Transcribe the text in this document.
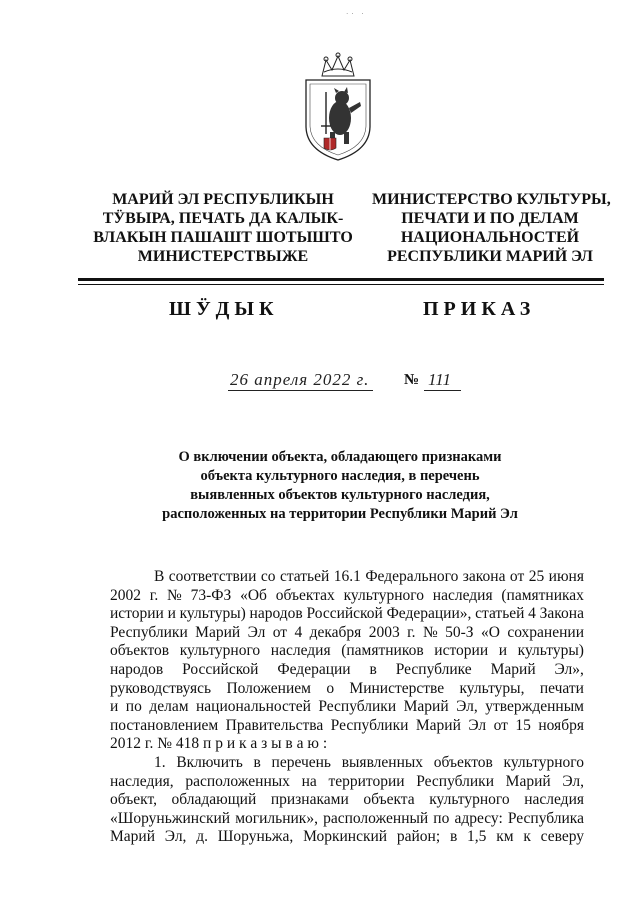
·· ·
МАРИЙ ЭЛ РЕСПУБЛИКЫН
ТӰВЫРА, ПЕЧАТЬ ДА КАЛЫК-
ВЛАКЫН ПАШАШТ ШОТЫШТО
МИНИСТЕРСТВЫЖЕ
МИНИСТЕРСТВО КУЛЬТУРЫ,
ПЕЧАТИ И ПО ДЕЛАМ
НАЦИОНАЛЬНОСТЕЙ
РЕСПУБЛИКИ МАРИЙ ЭЛ
ШӰДЫК	ПРИКАЗ
26 апреля 2022 г. № 111
О включении объекта, обладающего признаками
объекта культурного наследия, в перечень
выявленных объектов культурного наследия,
расположенных на территории Республики Марий Эл
В соответствии со статьей 16.1 Федерального закона от 25 июня
2002 г. № 73-ФЗ «Об объектах культурного наследия (памятниках
истории и культуры) народов Российской Федерации», статьей 4 Закона
Республики Марий Эл от 4 декабря 2003 г. № 50-З «О сохранении
объектов культурного наследия (памятников истории и культуры)
народов Российской Федерации в Республике Марий Эл»,
руководствуясь Положением о Министерстве культуры, печати
и по делам национальностей Республики Марий Эл, утвержденным
постановлением Правительства Республики Марий Эл от 15 ноября
2012 г. № 418 п р и к а з ы в а ю :
1. Включить в перечень выявленных объектов культурного
наследия, расположенных на территории Республики Марий Эл,
объект, обладающий признаками объекта культурного наследия
«Шоруньжинский могильник», расположенный по адресу: Республика
Марий Эл, д. Шоруньжа, Моркинский район; в 1,5 км к северу
